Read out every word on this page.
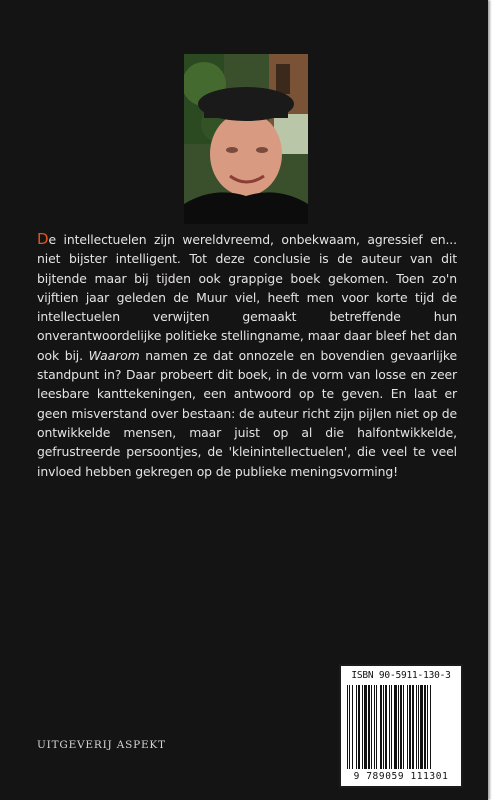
De intellectuelen zijn wereldvreemd, onbekwaam, agressief en... niet bijster intelligent. Tot deze conclusie is de auteur van dit bijtende maar bij tijden ook grappige boek gekomen. Toen zo'n vijftien jaar geleden de Muur viel, heeft men voor korte tijd de intellectuelen verwijten gemaakt betreffende hun onverantwoordelijke politieke stellingname, maar daar bleef het dan ook bij. Waarom namen ze dat onnozele en bovendien gevaarlijke standpunt in? Daar probeert dit boek, in de vorm van losse en zeer leesbare kanttekeningen, een antwoord op te geven. En laat er geen misverstand over bestaan: de auteur richt zijn pijlen niet op de ontwikkelde mensen, maar juist op al die halfontwikkelde, gefrustreerde persoontjes, de 'kleinintellectuelen', die veel te veel invloed hebben gekregen op de publieke meningsvorming!

UITGEVERIJ ASPEKT
ISBN 90-5911-130-3
9 789059 111301
